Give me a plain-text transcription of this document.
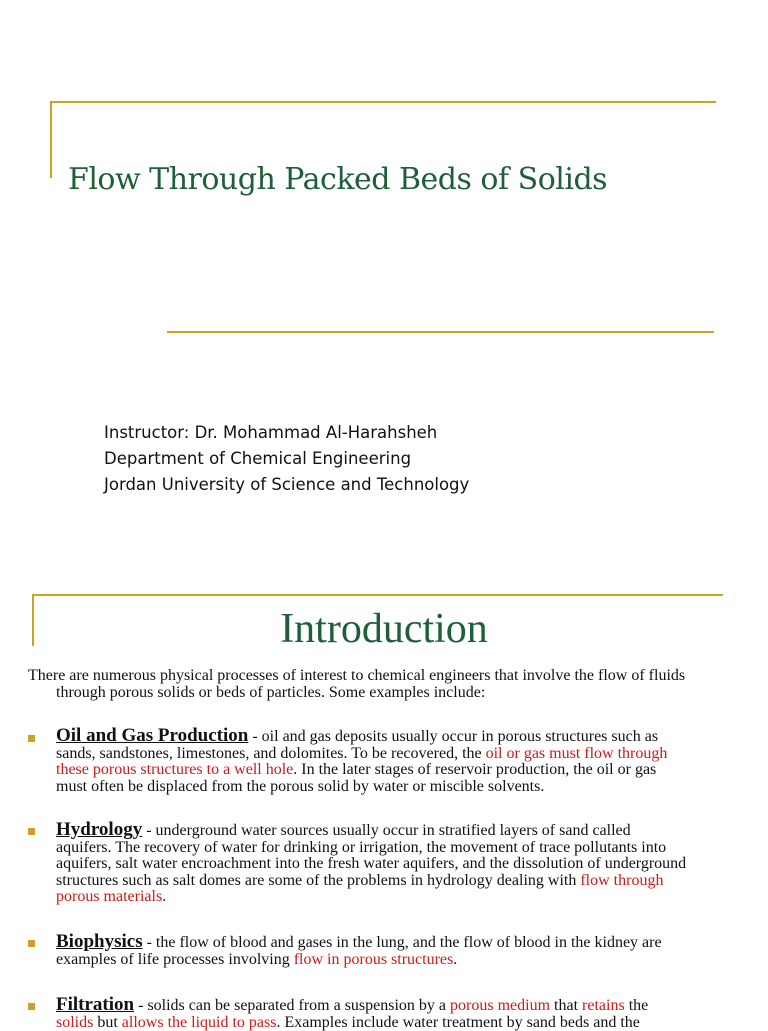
Flow Through Packed Beds of Solids
Instructor: Dr. Mohammad Al-Harahsheh
Department of Chemical Engineering
Jordan University of Science and Technology
Introduction
There are numerous physical processes of interest to chemical engineers that involve the flow of fluids
through porous solids or beds of particles. Some examples include:
Oil and Gas Production - oil and gas deposits usually occur in porous structures such as
sands, sandstones, limestones, and dolomites. To be recovered, the oil or gas must flow through
these porous structures to a well hole. In the later stages of reservoir production, the oil or gas
must often be displaced from the porous solid by water or miscible solvents.
Hydrology - underground water sources usually occur in stratified layers of sand called
aquifers. The recovery of water for drinking or irrigation, the movement of trace pollutants into
aquifers, salt water encroachment into the fresh water aquifers, and the dissolution of underground
structures such as salt domes are some of the problems in hydrology dealing with flow through
porous materials.
Biophysics - the flow of blood and gases in the lung, and the flow of blood in the kidney are
examples of life processes involving flow in porous structures.
Filtration - solids can be separated from a suspension by a porous medium that retains the
solids but allows the liquid to pass. Examples include water treatment by sand beds and the
